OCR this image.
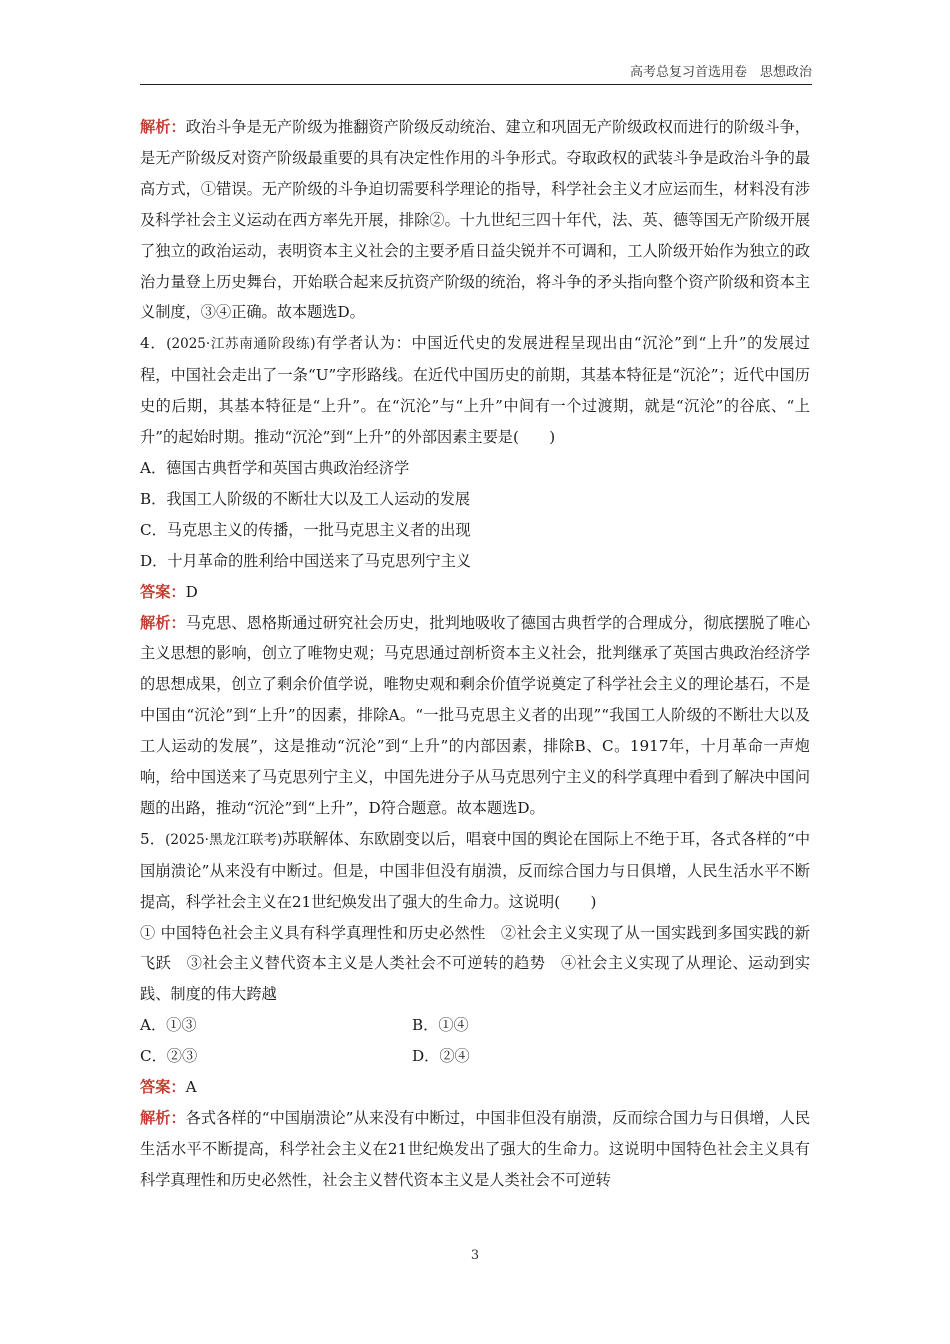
高考总复习首选用卷　思想政治

解析：政治斗争是无产阶级为推翻资产阶级反动统治、建立和巩固无产阶级政权而进行的阶级斗争，是无产阶级反对资产阶级最重要的具有决定性作用的斗争形式。夺取政权的武装斗争是政治斗争的最高方式，①错误。无产阶级的斗争迫切需要科学理论的指导，科学社会主义才应运而生，材料没有涉及科学社会主义运动在西方率先开展，排除②。十九世纪三四十年代，法、英、德等国无产阶级开展了独立的政治运动，表明资本主义社会的主要矛盾日益尖锐并不可调和，工人阶级开始作为独立的政治力量登上历史舞台，开始联合起来反抗资产阶级的统治，将斗争的矛头指向整个资产阶级和资本主义制度，③④正确。故本题选D。

4．(2025·江苏南通阶段练)有学者认为：中国近代史的发展进程呈现出由“沉沦”到“上升”的发展过程，中国社会走出了一条“U”字形路线。在近代中国历史的前期，其基本特征是“沉沦”；近代中国历史的后期，其基本特征是“上升”。在“沉沦”与“上升”中间有一个过渡期，就是“沉沦”的谷底、“上升”的起始时期。推动“沉沦”到“上升”的外部因素主要是(　　)

A．德国古典哲学和英国古典政治经济学

B．我国工人阶级的不断壮大以及工人运动的发展

C．马克思主义的传播，一批马克思主义者的出现

D．十月革命的胜利给中国送来了马克思列宁主义

答案：D

解析：马克思、恩格斯通过研究社会历史，批判地吸收了德国古典哲学的合理成分，彻底摆脱了唯心主义思想的影响，创立了唯物史观；马克思通过剖析资本主义社会，批判继承了英国古典政治经济学的思想成果，创立了剩余价值学说，唯物史观和剩余价值学说奠定了科学社会主义的理论基石，不是中国由“沉沦”到“上升”的因素，排除A。“一批马克思主义者的出现”“我国工人阶级的不断壮大以及工人运动的发展”，这是推动“沉沦”到“上升”的内部因素，排除B、C。1917年，十月革命一声炮响，给中国送来了马克思列宁主义，中国先进分子从马克思列宁主义的科学真理中看到了解决中国问题的出路，推动“沉沦”到“上升”，D符合题意。故本题选D。

5．(2025·黑龙江联考)苏联解体、东欧剧变以后，唱衰中国的舆论在国际上不绝于耳，各式各样的“中国崩溃论”从来没有中断过。但是，中国非但没有崩溃，反而综合国力与日俱增，人民生活水平不断提高，科学社会主义在21世纪焕发出了强大的生命力。这说明(　　)

① 中国特色社会主义具有科学真理性和历史必然性　②社会主义实现了从一国实践到多国实践的新飞跃　③社会主义替代资本主义是人类社会不可逆转的趋势　④社会主义实现了从理论、运动到实践、制度的伟大跨越

A．①③	B．①④
C．②③	D．②④

答案：A

解析：各式各样的“中国崩溃论”从来没有中断过，中国非但没有崩溃，反而综合国力与日俱增，人民生活水平不断提高，科学社会主义在21世纪焕发出了强大的生命力。这说明中国特色社会主义具有科学真理性和历史必然性，社会主义替代资本主义是人类社会不可逆转

3
